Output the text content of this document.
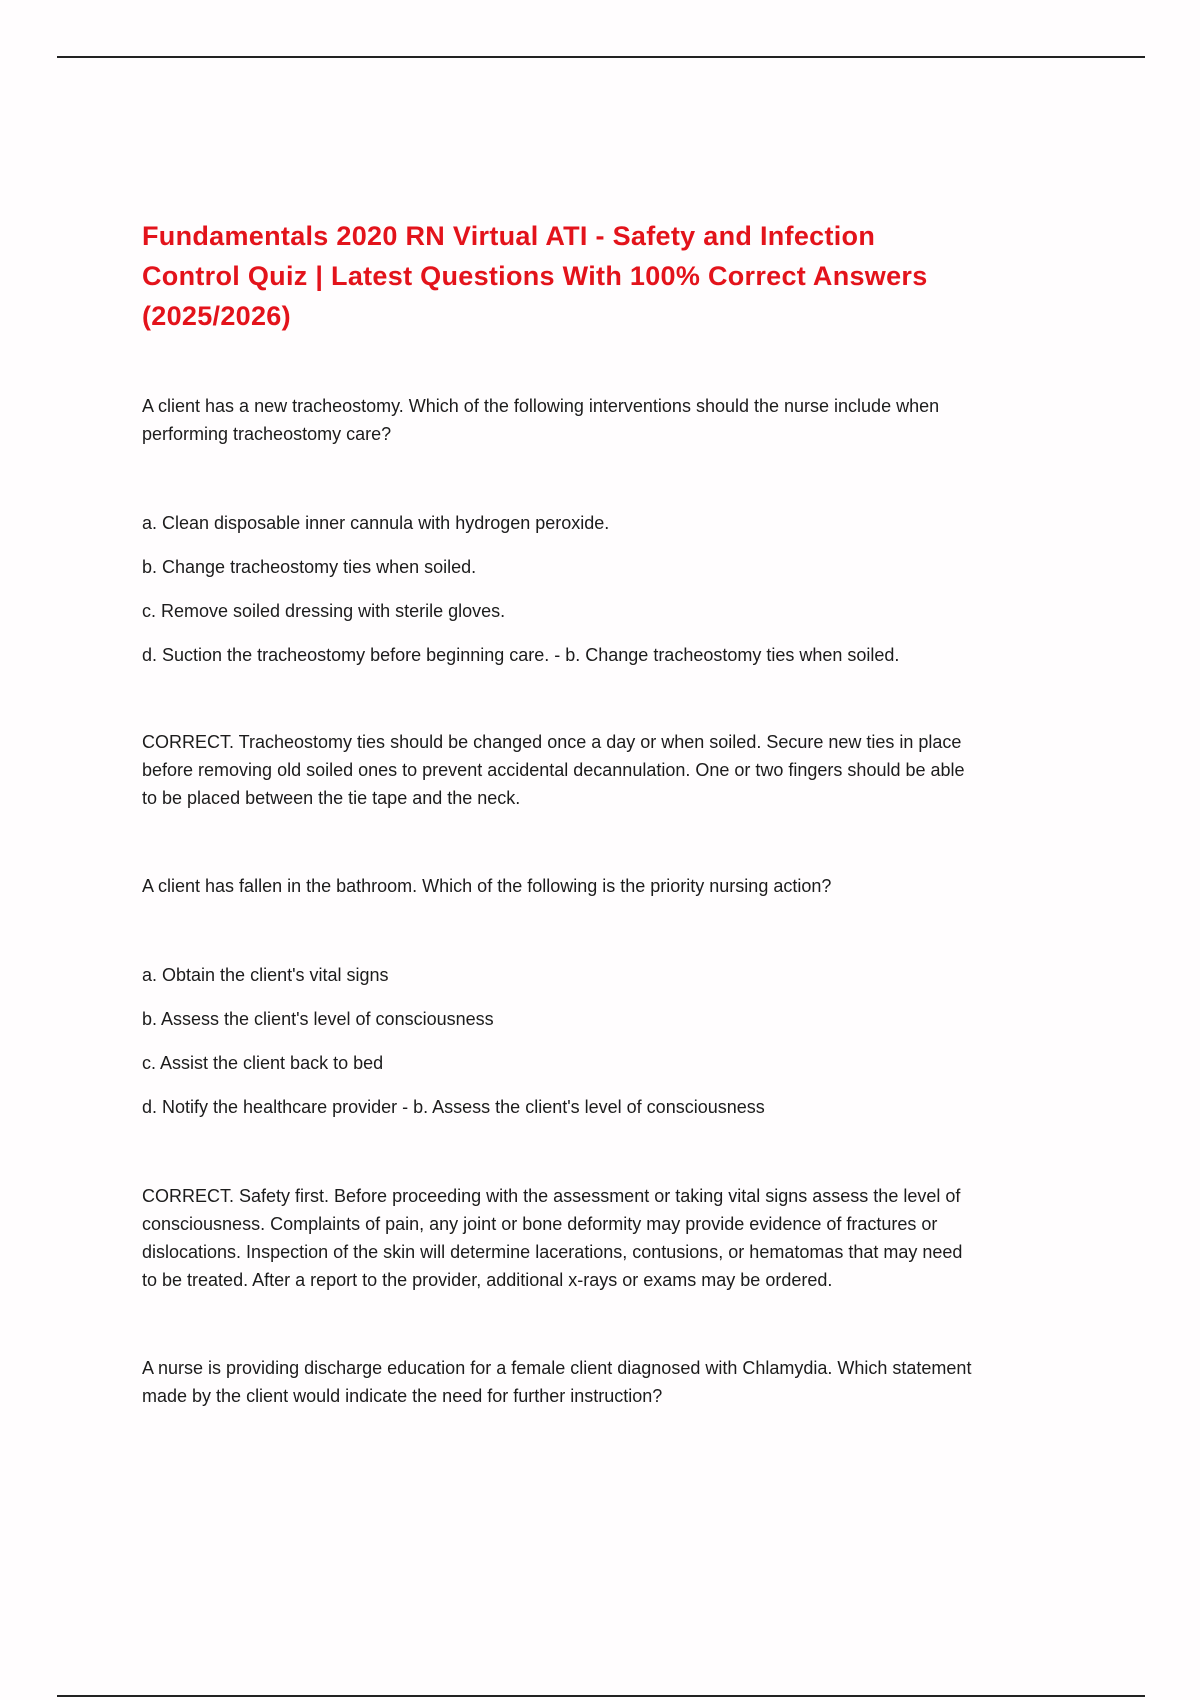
Fundamentals 2020 RN Virtual ATI - Safety and Infection
Control Quiz | Latest Questions With 100% Correct Answers
(2025/2026)

A client has a new tracheostomy. Which of the following interventions should the nurse include when
performing tracheostomy care?

a. Clean disposable inner cannula with hydrogen peroxide.

b. Change tracheostomy ties when soiled.

c. Remove soiled dressing with sterile gloves.

d. Suction the tracheostomy before beginning care. - b. Change tracheostomy ties when soiled.

CORRECT. Tracheostomy ties should be changed once a day or when soiled. Secure new ties in place
before removing old soiled ones to prevent accidental decannulation. One or two fingers should be able
to be placed between the tie tape and the neck.

A client has fallen in the bathroom. Which of the following is the priority nursing action?

a. Obtain the client's vital signs

b. Assess the client's level of consciousness

c. Assist the client back to bed

d. Notify the healthcare provider - b. Assess the client's level of consciousness

CORRECT. Safety first. Before proceeding with the assessment or taking vital signs assess the level of
consciousness. Complaints of pain, any joint or bone deformity may provide evidence of fractures or
dislocations. Inspection of the skin will determine lacerations, contusions, or hematomas that may need
to be treated. After a report to the provider, additional x-rays or exams may be ordered.

A nurse is providing discharge education for a female client diagnosed with Chlamydia. Which statement
made by the client would indicate the need for further instruction?
